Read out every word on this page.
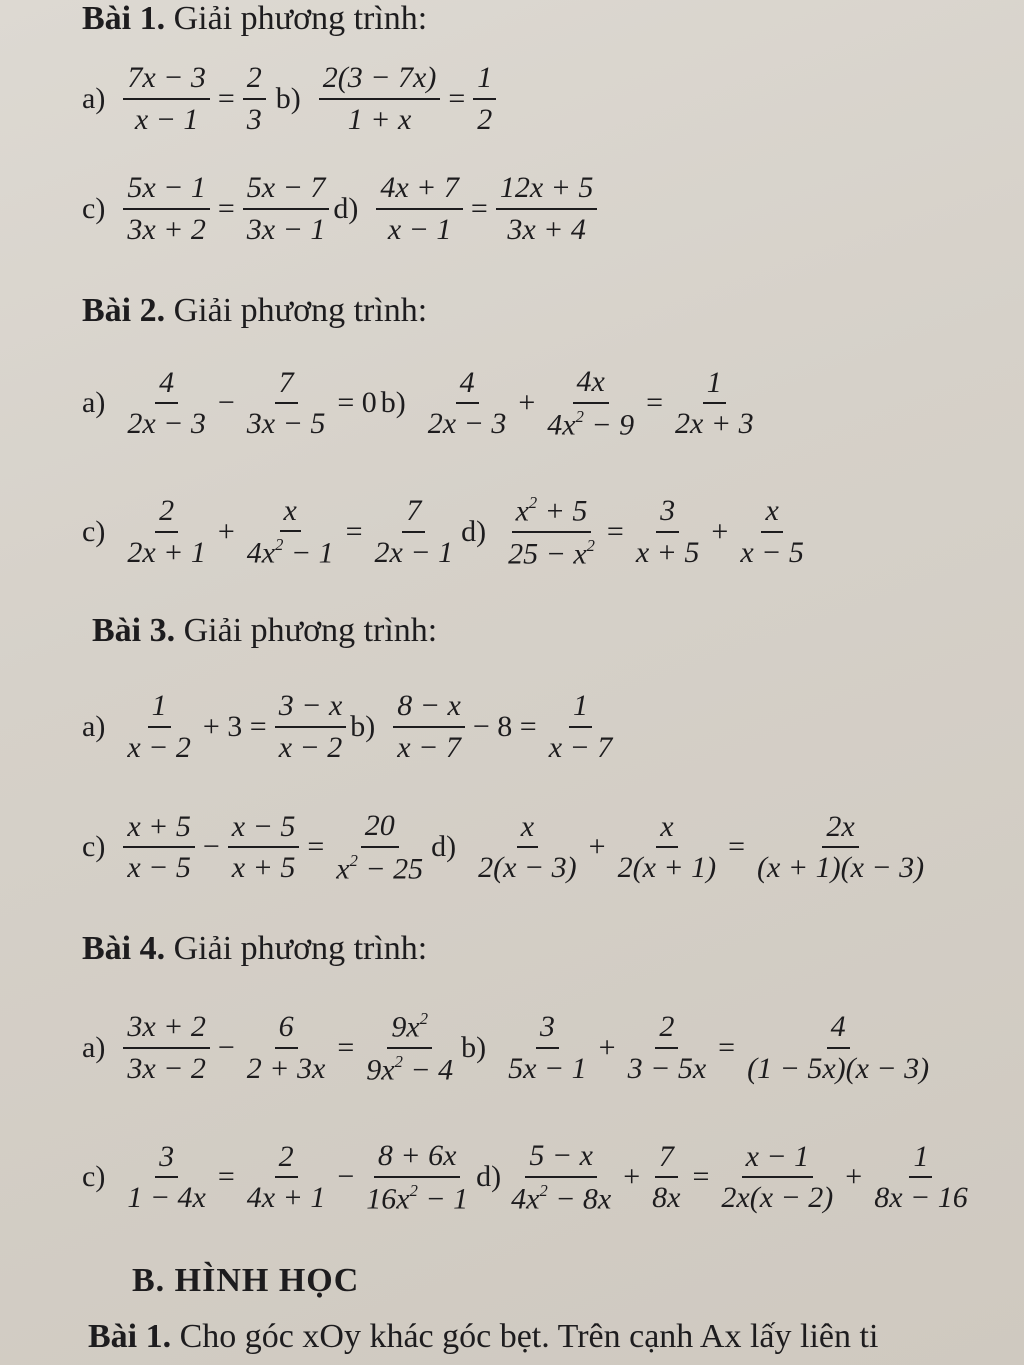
Bài 1. Giải phương trình:
$a) \frac{7x - 3}{x - 1} = \frac{2}{3} b) \frac{2(3 - 7x)}{1 + x} = \frac{1}{2}$
$c) \frac{5x - 1}{3x + 2} = \frac{5x - 7}{3x - 1} d) \frac{4x + 7}{x - 1} = \frac{12x + 5}{3x + 4}$
Bài 2. Giải phương trình:
a)
4
2x − 3
− $\frac{7}{3x - 5} = 0$ b)
4
2x − 3
+ $\frac{4x}{4x^2 - 9} = \frac{1}{2x + 3}$
c)
2
2x + 1
+ $\frac{x}{4x^2 - 1} = \frac{7}{2x - 1} d) \frac{x^2 + 5}{25 - x^2} = \frac{3}{x + 5} + \frac{x}{x - 5}$
Bài 3. Giải phương trình:
a)
1
x − 2
+ $3 = \frac{3 - x}{x - 2} b$)
8 − x
x − 7
− $8 = \frac{1}{x - 7}$
c)
x + 5
x − 5
− $\frac{x - 5}{x + 5} = \frac{20}{x^2 - 25} d$)
x
2(x − 3)
+ $\frac{x}{2(x + 1)} = \frac{2x}{(x + 1)(x - 3)}$
Bài 4. Giải phương trình:
a)
3x + 2
3x − 2
− $\frac{6}{2 + 3x} = \frac{9x^2}{9x^2 - 4} b$)
3
5x − 1
+ $\frac{2}{3 - 5x} = \frac{4}{(1 - 5x)(x - 3)}$
$c) \frac{3}{1 - 4x} = \frac{2}{4x + 1} - \frac{8 + 6x}{16x^2 - 1} d$)
5 − x
$4x^2 - 8x$
+ $\frac{7}{8x} = \frac{x - 1}{2x(x - 2)} + \frac{1}{8x - 16}$
B. HÌNH HỌC
Bài 1. Cho góc xOy khác góc bẹt. Trên cạnh Ax lấy liên ti
